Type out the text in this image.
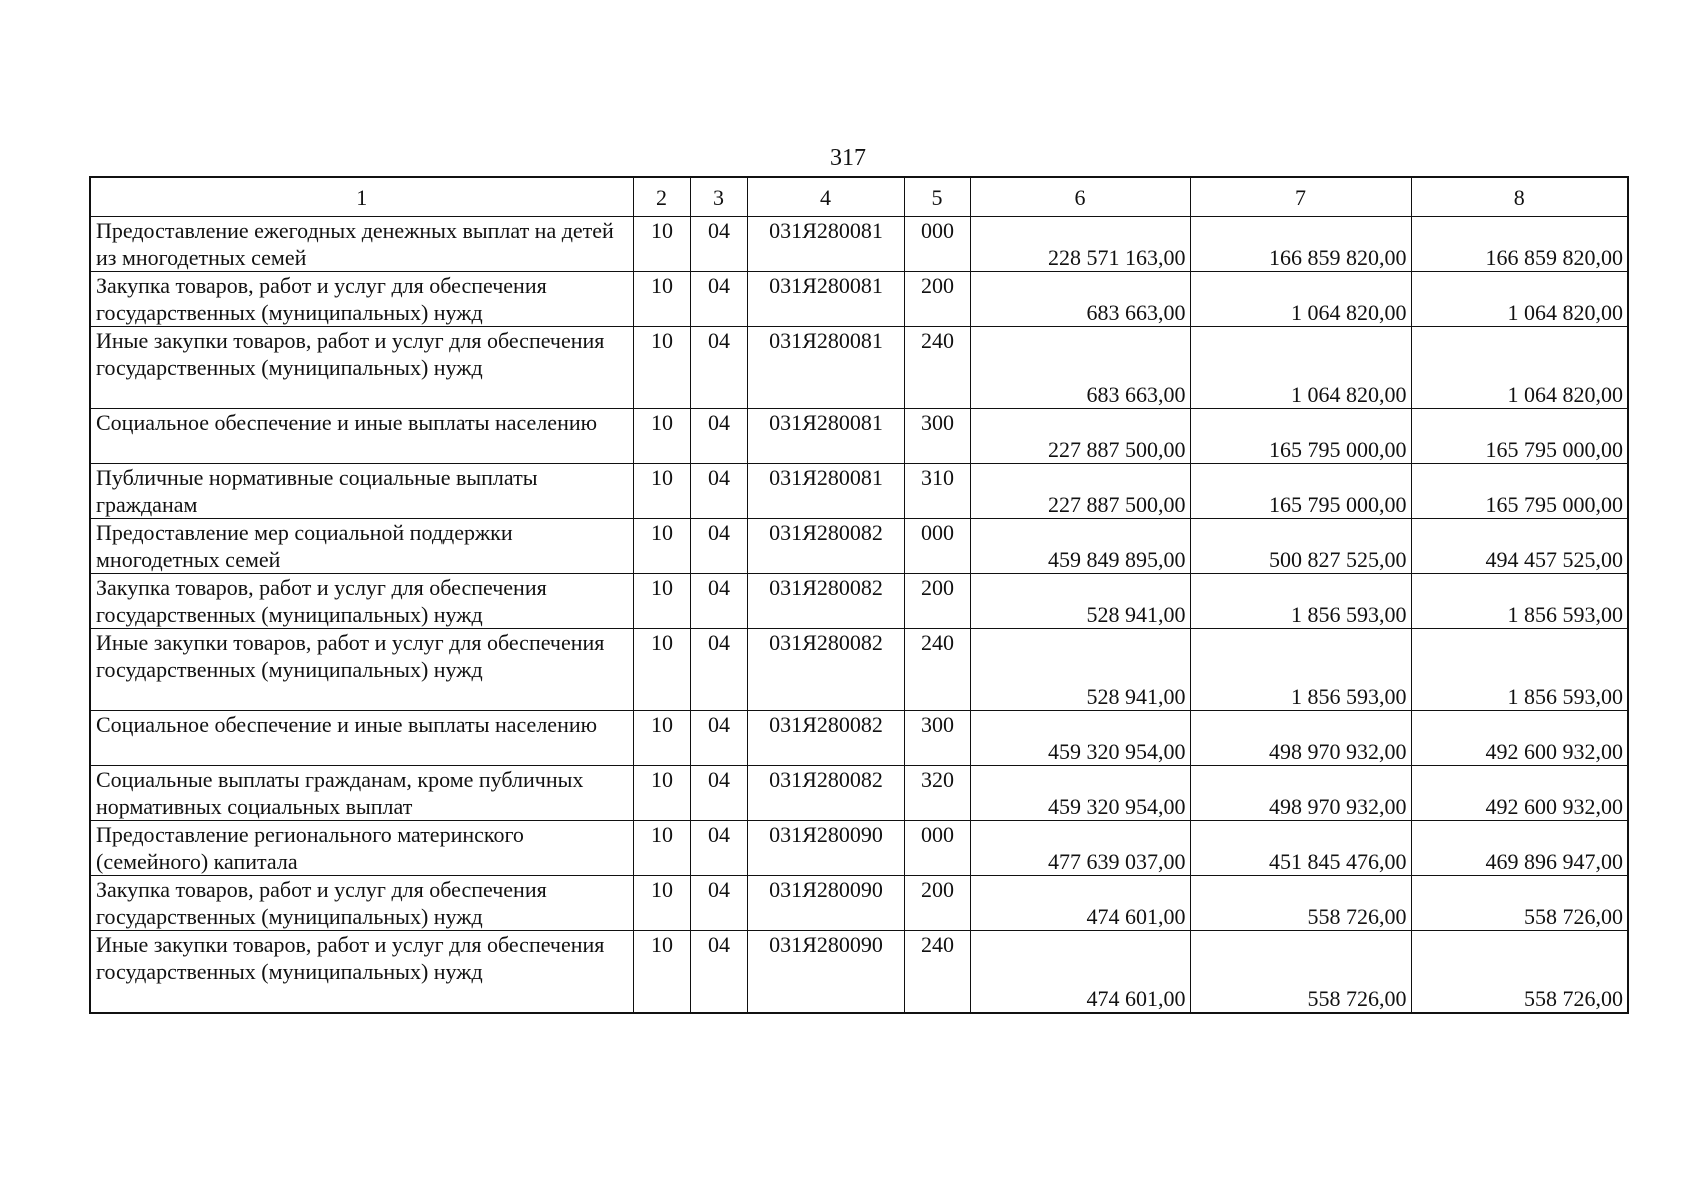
317
1	2	3	4	5	6	7	8
Предоставление ежегодных денежных выплат на детей из многодетных семей	10	04	031Я280081	000	228 571 163,00	166 859 820,00	166 859 820,00
Закупка товаров, работ и услуг для обеспечения государственных (муниципальных) нужд	10	04	031Я280081	200	683 663,00	1 064 820,00	1 064 820,00
Иные закупки товаров, работ и услуг для обеспечения государственных (муниципальных) нужд	10	04	031Я280081	240	683 663,00	1 064 820,00	1 064 820,00
Социальное обеспечение и иные выплаты населению	10	04	031Я280081	300	227 887 500,00	165 795 000,00	165 795 000,00
Публичные нормативные социальные выплаты гражданам	10	04	031Я280081	310	227 887 500,00	165 795 000,00	165 795 000,00
Предоставление мер социальной поддержки многодетных семей	10	04	031Я280082	000	459 849 895,00	500 827 525,00	494 457 525,00
Закупка товаров, работ и услуг для обеспечения государственных (муниципальных) нужд	10	04	031Я280082	200	528 941,00	1 856 593,00	1 856 593,00
Иные закупки товаров, работ и услуг для обеспечения государственных (муниципальных) нужд	10	04	031Я280082	240	528 941,00	1 856 593,00	1 856 593,00
Социальное обеспечение и иные выплаты населению	10	04	031Я280082	300	459 320 954,00	498 970 932,00	492 600 932,00
Социальные выплаты гражданам, кроме публичных нормативных социальных выплат	10	04	031Я280082	320	459 320 954,00	498 970 932,00	492 600 932,00
Предоставление регионального материнского (семейного) капитала	10	04	031Я280090	000	477 639 037,00	451 845 476,00	469 896 947,00
Закупка товаров, работ и услуг для обеспечения государственных (муниципальных) нужд	10	04	031Я280090	200	474 601,00	558 726,00	558 726,00
Иные закупки товаров, работ и услуг для обеспечения государственных (муниципальных) нужд	10	04	031Я280090	240	474 601,00	558 726,00	558 726,00
